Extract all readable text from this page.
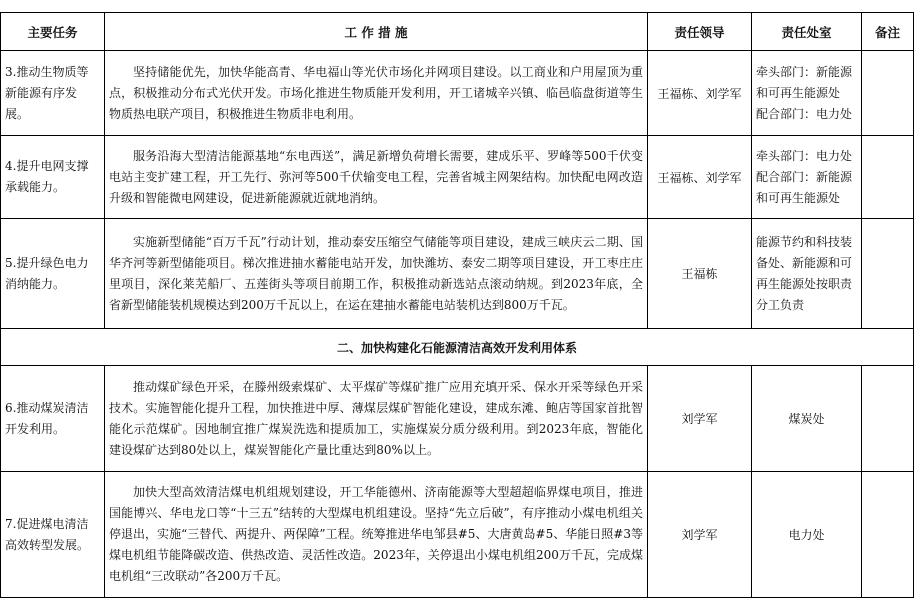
主要任务	工 作 措 施	责任领导	责任处室	备注
3.推动生物质等新能源有序发展。	坚持储能优先，加快华能高青、华电福山等光伏市场化并网项目建设。以工商业和户用屋顶为重点，积极推动分布式光伏开发。市场化推进生物质能开发利用，开工诸城辛兴镇、临邑临盘街道等生物质热电联产项目，积极推进生物质非电利用。	王福栋、刘学军	牵头部门：新能源和可再生能源处
配合部门：电力处	
4.提升电网支撑承载能力。	服务沿海大型清洁能源基地“东电西送”，满足新增负荷增长需要，建成乐平、罗峰等500千伏变电站主变扩建工程，开工先行、弥河等500千伏输变电工程，完善省城主网架结构。加快配电网改造升级和智能微电网建设，促进新能源就近就地消纳。	王福栋、刘学军	牵头部门：电力处
配合部门：新能源和可再生能源处	
5.提升绿色电力消纳能力。	实施新型储能“百万千瓦”行动计划，推动泰安压缩空气储能等项目建设，建成三峡庆云二期、国华齐河等新型储能项目。梯次推进抽水蓄能电站开发，加快潍坊、泰安二期等项目建设，开工枣庄庄里项目，深化莱芜船厂、五莲街头等项目前期工作，积极推动新选站点滚动纳规。到2023年底，全省新型储能装机规模达到200万千瓦以上，在运在建抽水蓄能电站装机达到800万千瓦。	王福栋	能源节约和科技装备处、新能源和可再生能源处按职责分工负责	
二、加快构建化石能源清洁高效开发利用体系				
6.推动煤炭清洁开发利用。	推动煤矿绿色开采，在滕州级索煤矿、太平煤矿等煤矿推广应用充填开采、保水开采等绿色开采技术。实施智能化提升工程，加快推进中厚、薄煤层煤矿智能化建设，建成东滩、鲍店等国家首批智能化示范煤矿。因地制宜推广煤炭洗选和提质加工，实施煤炭分质分级利用。到2023年底，智能化建设煤矿达到80处以上，煤炭智能化产量比重达到80%以上。	刘学军	煤炭处	
7.促进煤电清洁高效转型发展。	加快大型高效清洁煤电机组规划建设，开工华能德州、济南能源等大型超超临界煤电项目，推进国能博兴、华电龙口等“十三五”结转的大型煤电机组建设。坚持“先立后破”，有序推动小煤电机组关停退出，实施“三替代、两提升、两保障”工程。统筹推进华电邹县#5、大唐黄岛#5、华能日照#3等煤电机组节能降碳改造、供热改造、灵活性改造。2023年，关停退出小煤电机组200万千瓦，完成煤电机组“三改联动”各200万千瓦。	刘学军	电力处	
